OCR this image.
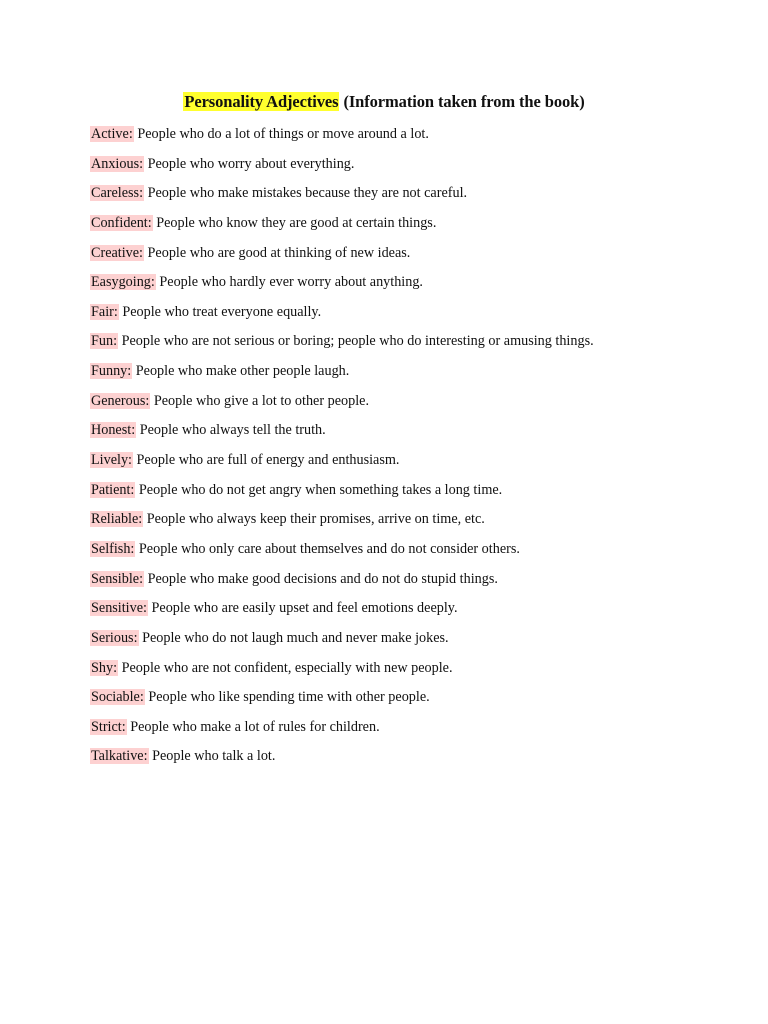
Personality Adjectives (Information taken from the book)
Active: People who do a lot of things or move around a lot.
Anxious: People who worry about everything.
Careless: People who make mistakes because they are not careful.
Confident: People who know they are good at certain things.
Creative: People who are good at thinking of new ideas.
Easygoing: People who hardly ever worry about anything.
Fair: People who treat everyone equally.
Fun: People who are not serious or boring; people who do interesting or amusing things.
Funny: People who make other people laugh.
Generous: People who give a lot to other people.
Honest: People who always tell the truth.
Lively: People who are full of energy and enthusiasm.
Patient: People who do not get angry when something takes a long time.
Reliable: People who always keep their promises, arrive on time, etc.
Selfish: People who only care about themselves and do not consider others.
Sensible: People who make good decisions and do not do stupid things.
Sensitive: People who are easily upset and feel emotions deeply.
Serious: People who do not laugh much and never make jokes.
Shy: People who are not confident, especially with new people.
Sociable: People who like spending time with other people.
Strict: People who make a lot of rules for children.
Talkative: People who talk a lot.
